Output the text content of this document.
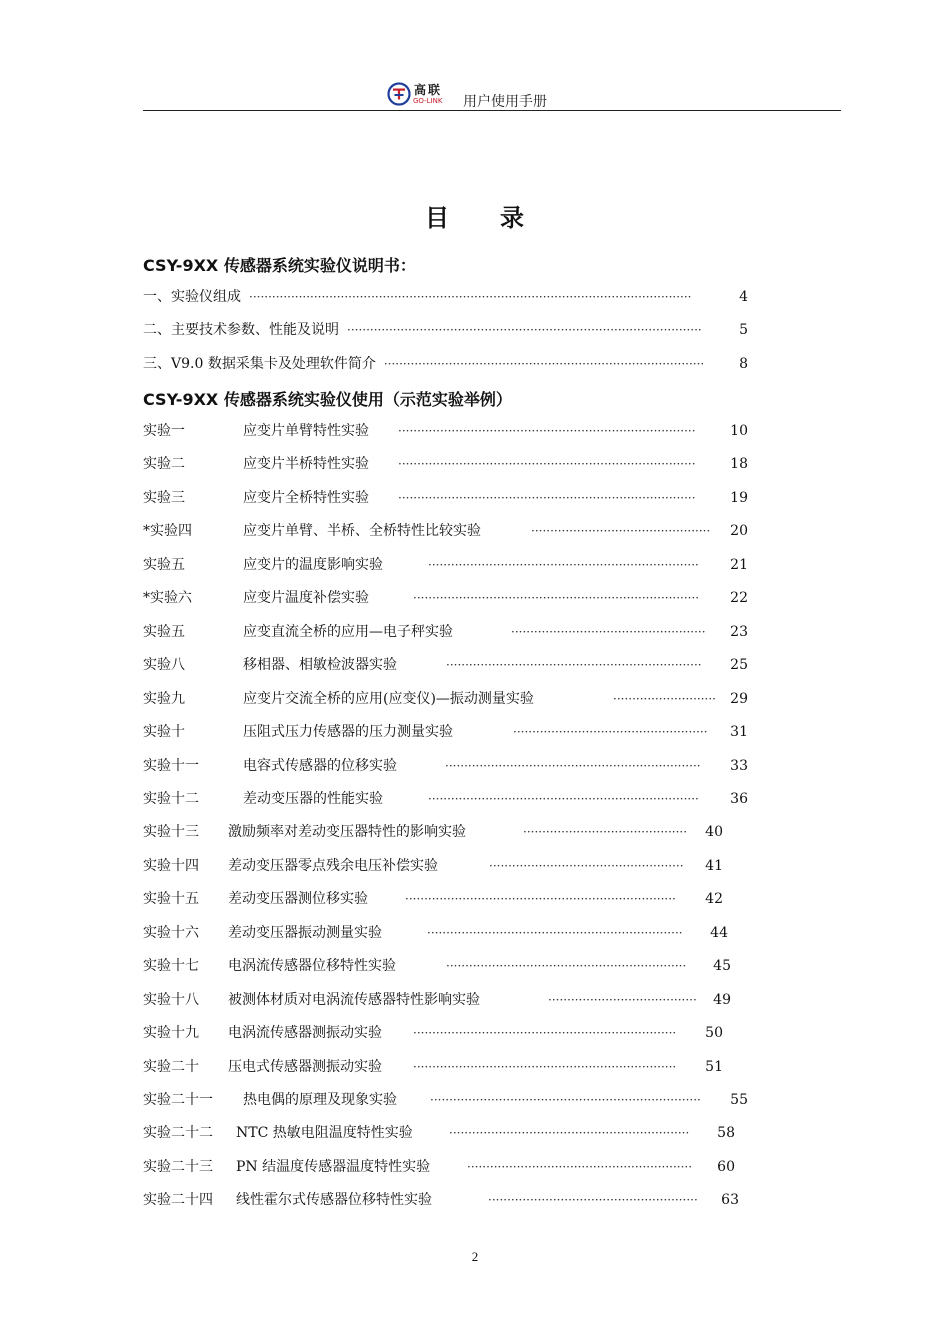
高联
GO-LINK 用户使用手册
目 录
CSY-9XX 传感器系统实验仪说明书：
一、实验仪组成 ····················································································································	4
二、主要技术参数、性能及说明 ·····························································································	5
三、V9.0 数据采集卡及处理软件简介 ····················································································	8
CSY-9XX 传感器系统实验仪使用（示范实验举例）
实验一	应变片单臂特性实验 ··············································································	10
实验二	应变片半桥特性实验 ··············································································	18
实验三	应变片全桥特性实验 ··············································································	19
*实验四	应变片单臂、半桥、全桥特性比较实验	···············································	20
实验五	应变片的温度影响实验	·······································································	21
*实验六	应变片温度补偿实验	···········································································	22
实验五	应变直流全桥的应用—电子秤实验	···················································	23
实验八	移相器、相敏检波器实验	···································································	25
实验九	应变片交流全桥的应用(应变仪)—振动测量实验	···························	29
实验十	压阻式压力传感器的压力测量实验	···················································	31
实验十一	电容式传感器的位移实验	···································································	33
实验十二	差动变压器的性能实验	·······································································	36
实验十三 激励频率对差动变压器特性的影响实验	···········································	40
实验十四 差动变压器零点残余电压补偿实验	···················································	41
实验十五 差动变压器测位移实验	·······································································	42
实验十六 差动变压器振动测量实验	···································································	44
实验十七 电涡流传感器位移特性实验	·······························································	45
实验十八 被测体材质对电涡流传感器特性影响实验	·······································	49
实验十九 电涡流传感器测振动实验	·····································································	50
实验二十 压电式传感器测振动实验	·····································································	51
实验二十一 热电偶的原理及现象实验	·······································································	55
实验二十二 NTC 热敏电阻温度特性实验	·······························································	58
实验二十三 PN 结温度传感器温度特性实验	···························································	60
实验二十四 线性霍尔式传感器位移特性实验	·······················································	63
2
